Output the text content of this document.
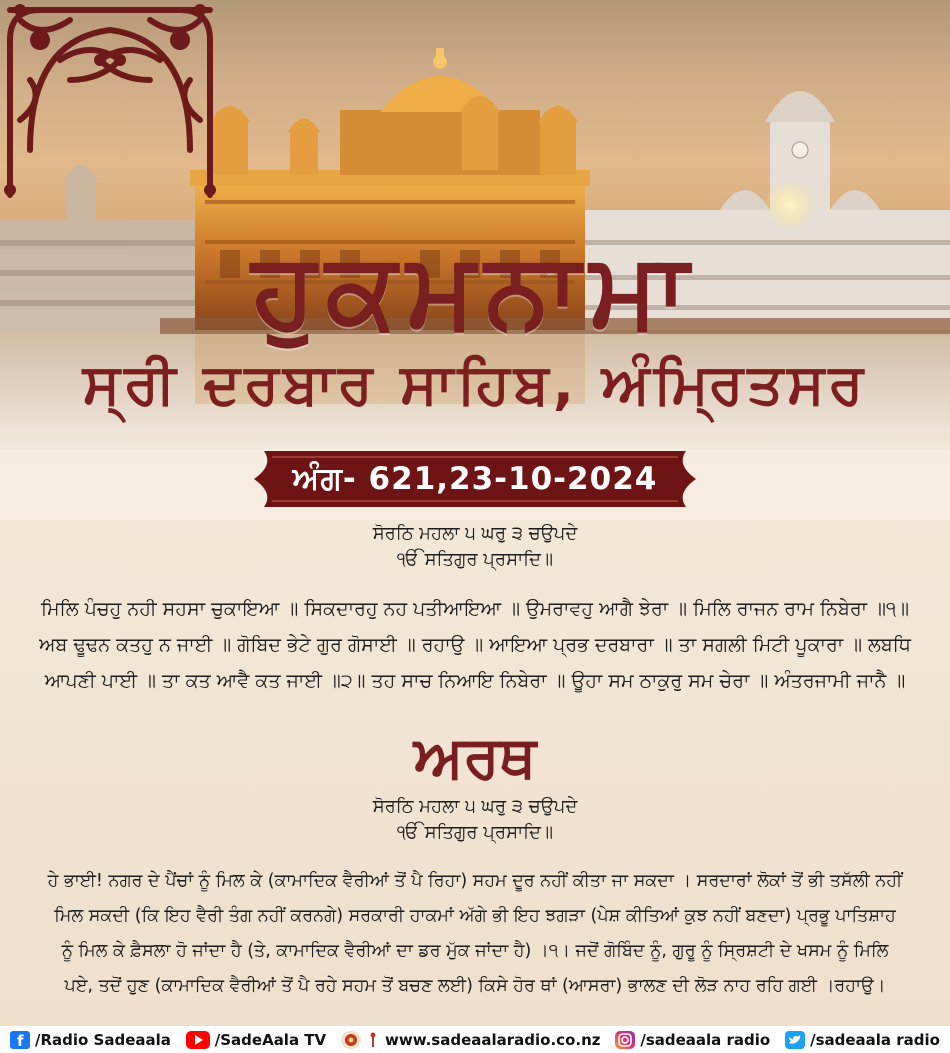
ਹੁਕਮਨਾਮਾ
ਸ੍ਰੀ ਦਰਬਾਰ ਸਾਹਿਬ, ਅੰਮ੍ਰਿਤਸਰ
ਅੰਗ- 621,23-10-2024
ਸੋਰਠਿ ਮਹਲਾ ੫ ਘਰੁ ੩ ਚਉਪਦੇ
ੴ ਸਤਿਗੁਰ ਪ੍ਰਸਾਦਿ॥
ਮਿਲਿ ਪੰਚਹੁ ਨਹੀ ਸਹਸਾ ਚੁਕਾਇਆ ॥ ਸਿਕਦਾਰਹੁ ਨਹ ਪਤੀਆਇਆ ॥ ਉਮਰਾਵਹੁ ਆਗੈ ਝੇਰਾ ॥ ਮਿਲਿ ਰਾਜਨ ਰਾਮ ਨਿਬੇਰਾ ॥੧॥
ਅਬ ਢੂਢਨ ਕਤਹੁ ਨ ਜਾਈ ॥ ਗੋਬਿਦ ਭੇਟੇ ਗੁਰ ਗੋਸਾਈ ॥ ਰਹਾਉ ॥ ਆਇਆ ਪ੍ਰਭ ਦਰਬਾਰਾ ॥ ਤਾ ਸਗਲੀ ਮਿਟੀ ਪੂਕਾਰਾ ॥ ਲਬਧਿ
ਆਪਣੀ ਪਾਈ ॥ ਤਾ ਕਤ ਆਵੈ ਕਤ ਜਾਈ ॥੨॥ ਤਹ ਸਾਚ ਨਿਆਇ ਨਿਬੇਰਾ ॥ ਊਹਾ ਸਮ ਠਾਕੁਰੁ ਸਮ ਚੇਰਾ ॥ ਅੰਤਰਜਾਮੀ ਜਾਨੈ ॥
ਅਰਥ
ਸੋਰਠਿ ਮਹਲਾ ੫ ਘਰੁ ੩ ਚਉਪਦੇ
ੴ ਸਤਿਗੁਰ ਪ੍ਰਸਾਦਿ॥
ਹੇ ਭਾਈ! ਨਗਰ ਦੇ ਪੈਂਚਾਂ ਨੂੰ ਮਿਲ ਕੇ (ਕਾਮਾਦਿਕ ਵੈਰੀਆਂ ਤੋਂ ਪੈ ਰਿਹਾ) ਸਹਮ ਦੂਰ ਨਹੀਂ ਕੀਤਾ ਜਾ ਸਕਦਾ । ਸਰਦਾਰਾਂ ਲੋਕਾਂ ਤੋਂ ਭੀ ਤਸੱਲੀ ਨਹੀਂ
ਮਿਲ ਸਕਦੀ (ਕਿ ਇਹ ਵੈਰੀ ਤੰਗ ਨਹੀਂ ਕਰਨਗੇ) ਸਰਕਾਰੀ ਹਾਕਮਾਂ ਅੱਗੇ ਭੀ ਇਹ ਝਗੜਾ (ਪੇਸ਼ ਕੀਤਿਆਂ ਕੁਝ ਨਹੀਂ ਬਣਦਾ) ਪ੍ਰਭੂ ਪਾਤਿਸ਼ਾਹ
ਨੂੰ ਮਿਲ ਕੇ ਫ਼ੈਸਲਾ ਹੋ ਜਾਂਦਾ ਹੈ (ਤੇ, ਕਾਮਾਦਿਕ ਵੈਰੀਆਂ ਦਾ ਡਰ ਮੁੱਕ ਜਾਂਦਾ ਹੈ) ।੧। ਜਦੋਂ ਗੋਬਿੰਦ ਨੂੰ, ਗੁਰੂ ਨੂੰ ਸ੍ਰਿਸ਼ਟੀ ਦੇ ਖਸਮ ਨੂੰ ਮਿਲਿ
ਪਏ, ਤਦੋਂ ਹੁਣ (ਕਾਮਾਦਿਕ ਵੈਰੀਆਂ ਤੋਂ ਪੈ ਰਹੇ ਸਹਮ ਤੋਂ ਬਚਣ ਲਈ) ਕਿਸੇ ਹੋਰ ਥਾਂ (ਆਸਰਾ) ਭਾਲਣ ਦੀ ਲੋੜ ਨਾਹ ਰਹਿ ਗਈ ।ਰਹਾਉ।
f /Radio Sadeaala	/SadeAala TV	www.sadeaalaradio.co.nz	/sadeaala radio	/sadeaala radio
